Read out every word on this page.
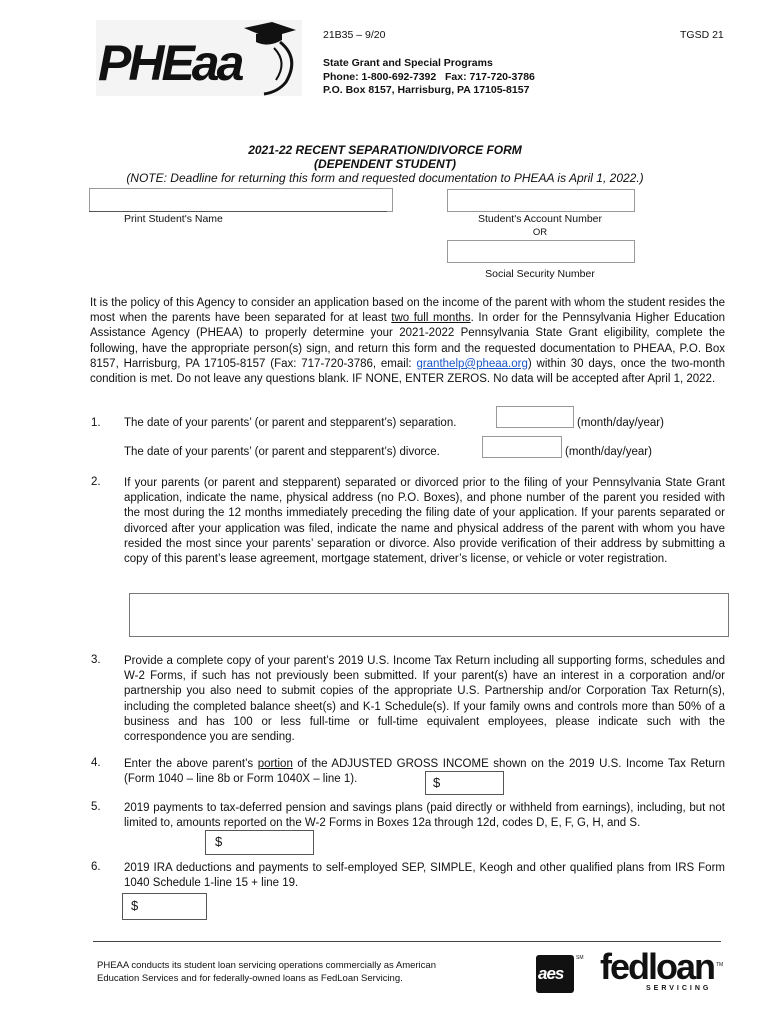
PHEaa	21B35 – 9/20	TGSD 21
State Grant and Special Programs
Phone: 1-800-692-7392   Fax: 717-720-3786
P.O. Box 8157, Harrisburg, PA 17105-8157
2021-22 RECENT SEPARATION/DIVORCE FORM
(DEPENDENT STUDENT)
(NOTE: Deadline for returning this form and requested documentation to PHEAA is April 1, 2022.)
Print Student's Name	Student's Account Number
OR
Social Security Number
It is the policy of this Agency to consider an application based on the income of the parent with whom the student resides the most when the parents have been separated for at least two full months. In order for the Pennsylvania Higher Education Assistance Agency (PHEAA) to properly determine your 2021-2022 Pennsylvania State Grant eligibility, complete the following, have the appropriate person(s) sign, and return this form and the requested documentation to PHEAA, P.O. Box 8157, Harrisburg, PA 17105-8157 (Fax: 717-720-3786, email: granthelp@pheaa.org) within 30 days, once the two-month condition is met. Do not leave any questions blank. IF NONE, ENTER ZEROS. No data will be accepted after April 1, 2022.
1. The date of your parents’ (or parent and stepparent’s) separation.	(month/day/year)
The date of your parents’ (or parent and stepparent’s) divorce.	(month/day/year)
2. If your parents (or parent and stepparent) separated or divorced prior to the filing of your Pennsylvania State Grant application, indicate the name, physical address (no P.O. Boxes), and phone number of the parent you resided with the most during the 12 months immediately preceding the filing date of your application. If your parents separated or divorced after your application was filed, indicate the name and physical address of the parent with whom you have resided the most since your parents’ separation or divorce. Also provide verification of their address by submitting a copy of this parent’s lease agreement, mortgage statement, driver’s license, or vehicle or voter registration.
3. Provide a complete copy of your parent’s 2019 U.S. Income Tax Return including all supporting forms, schedules and W-2 Forms, if such has not previously been submitted. If your parent(s) have an interest in a corporation and/or partnership you also need to submit copies of the appropriate U.S. Partnership and/or Corporation Tax Return(s), including the completed balance sheet(s) and K-1 Schedule(s). If your family owns and controls more than 50% of a business and has 100 or less full-time or full-time equivalent employees, please indicate such with the correspondence you are sending.
4. Enter the above parent’s portion of the ADJUSTED GROSS INCOME shown on the 2019 U.S. Income Tax Return (Form 1040 – line 8b or Form 1040X – line 1).	$
5. 2019 payments to tax-deferred pension and savings plans (paid directly or withheld from earnings), including, but not limited to, amounts reported on the W-2 Forms in Boxes 12a through 12d, codes D, E, F, G, H, and S.
$
6. 2019 IRA deductions and payments to self-employed SEP, SIMPLE, Keogh and other qualified plans from IRS Form 1040 Schedule 1-line 15 + line 19.
$
PHEAA conducts its student loan servicing operations commercially as American
Education Services and for federally-owned loans as FedLoan Servicing.	aes
SM fedloan TM
SERVICING
